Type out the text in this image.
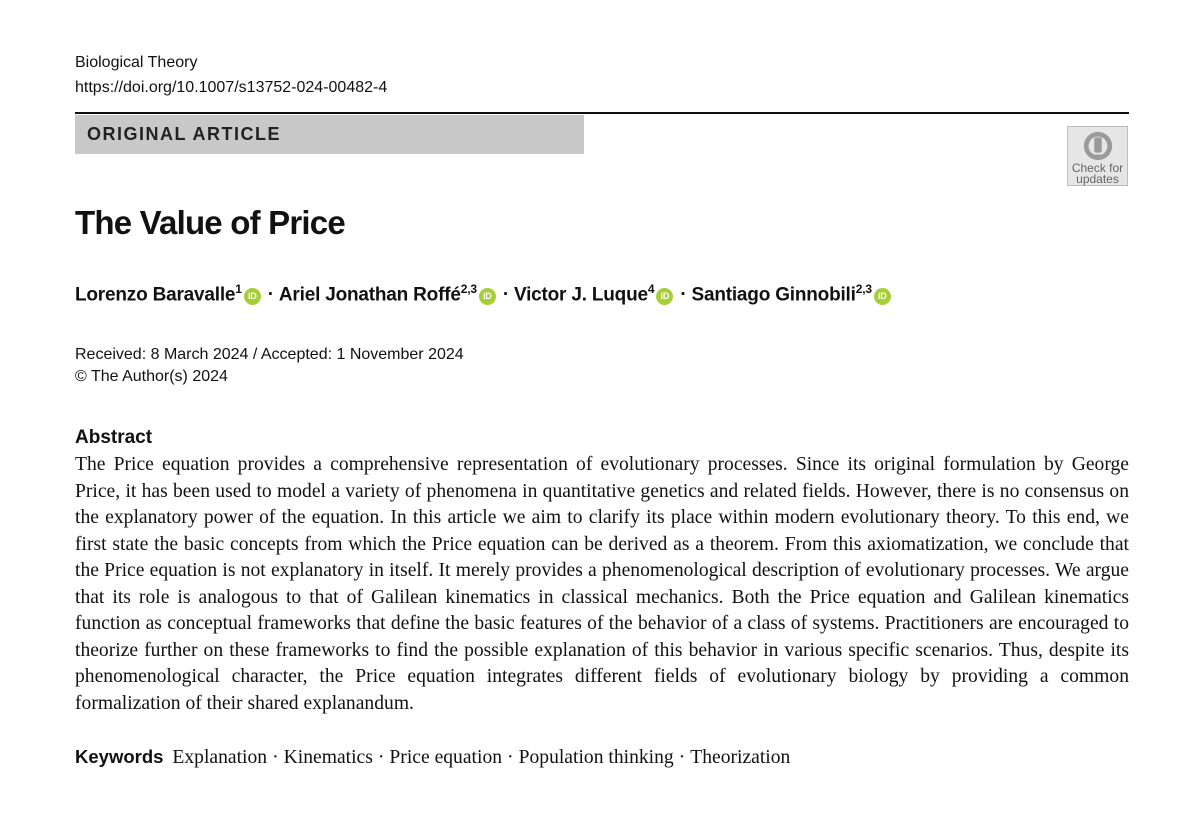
Biological Theory
https://doi.org/10.1007/s13752-024-00482-4
ORIGINAL ARTICLE
Check for updates
The Value of Price
Lorenzo Baravalle$^1$iD · Ariel Jonathan Roffé$^{2,3}$iD · Victor J. Luque$^4$iD · Santiago Ginnobili$^{2,3}$iD
Received: 8 March 2024 / Accepted: 1 November 2024
© The Author(s) 2024
Abstract

The Price equation provides a comprehensive representation of evolutionary processes. Since its original formulation by George Price, it has been used to model a variety of phenomena in quantitative genetics and related fields. However, there is no consensus on the explanatory power of the equation. In this article we aim to clarify its place within modern evolutionary theory. To this end, we first state the basic concepts from which the Price equation can be derived as a theorem. From this axiomatization, we conclude that the Price equation is not explanatory in itself. It merely provides a phenomenological description of evolutionary processes. We argue that its role is analogous to that of Galilean kinematics in classical mechanics. Both the Price equation and Galilean kinematics function as conceptual frameworks that define the basic features of the behavior of a class of systems. Practitioners are encouraged to theorize further on these frameworks to find the possible explanation of this behavior in various specific scenarios. Thus, despite its phenomenological character, the Price equation integrates different fields of evolutionary biology by providing a common formalization of their shared explanandum.

Keywords Explanation · Kinematics · Price equation · Population thinking · Theorization
